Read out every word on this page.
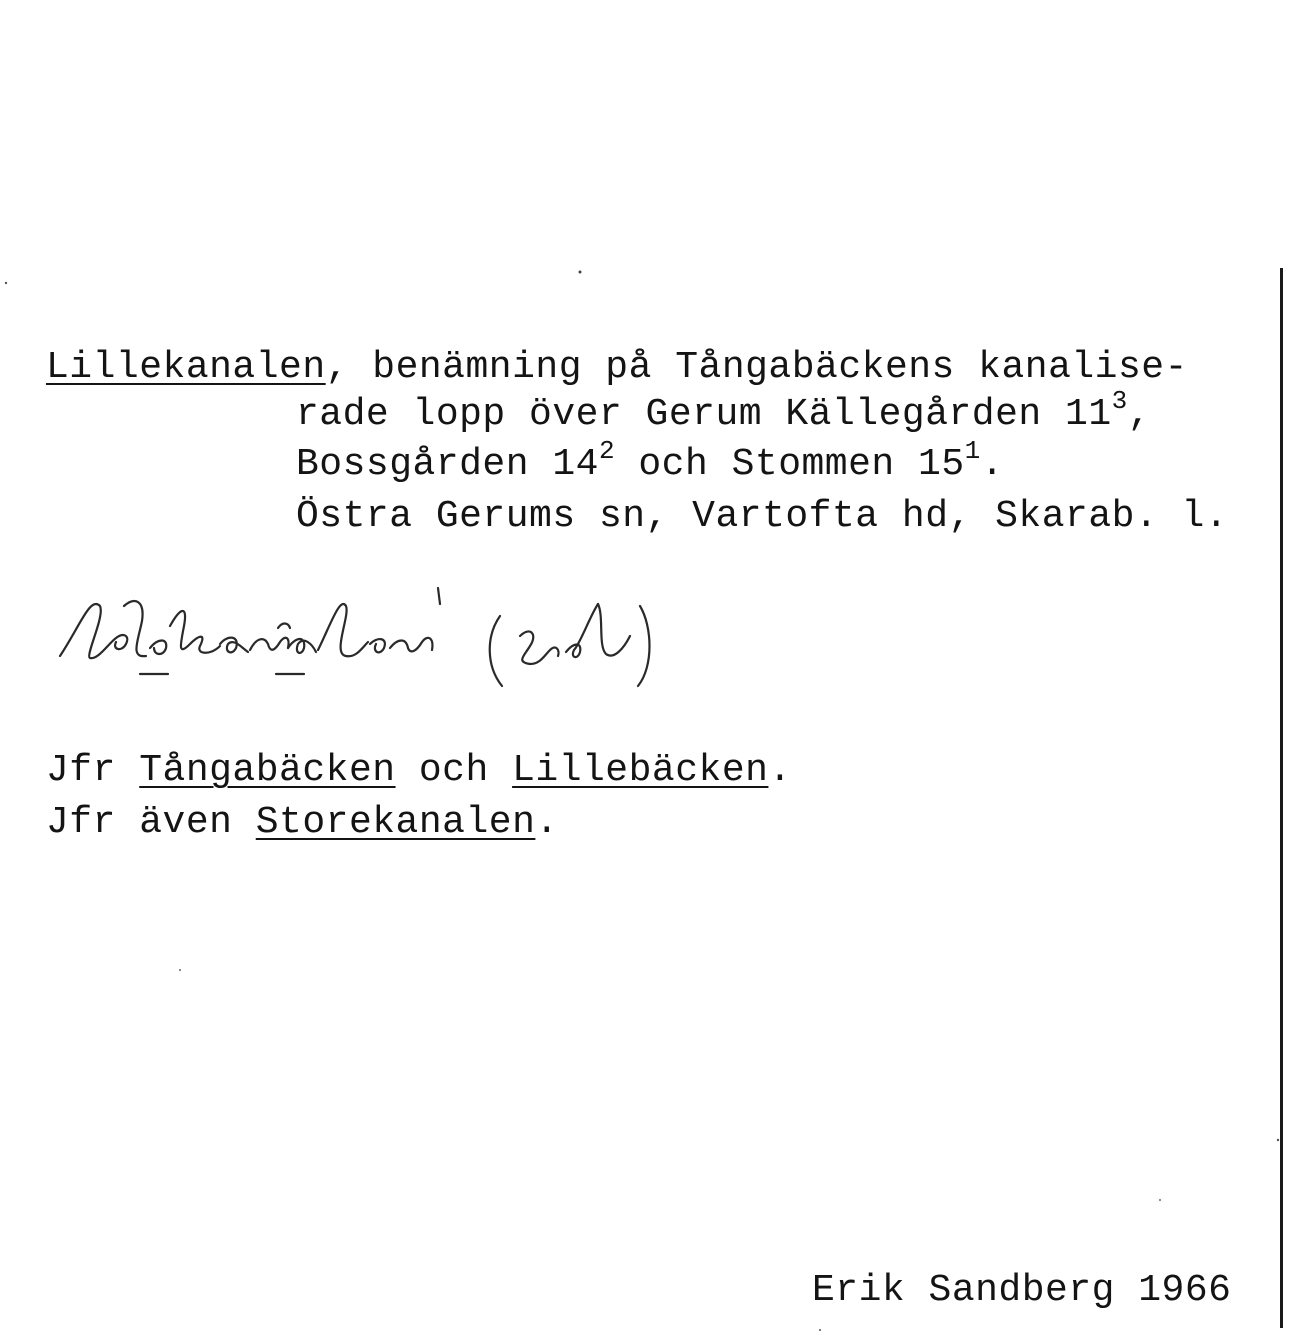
Lillekanalen, benämning på Tångabäckens kanalise-
rade lopp över Gerum Källegården $11^3$,
Bossgården $14^2$ och Stommen $15^1$.
Östra Gerums sn, Vartofta hd, Skarab. l.
Jfr Tångabäcken och Lillebäcken.
Jfr även Storekanalen.
Erik Sandberg 1966
